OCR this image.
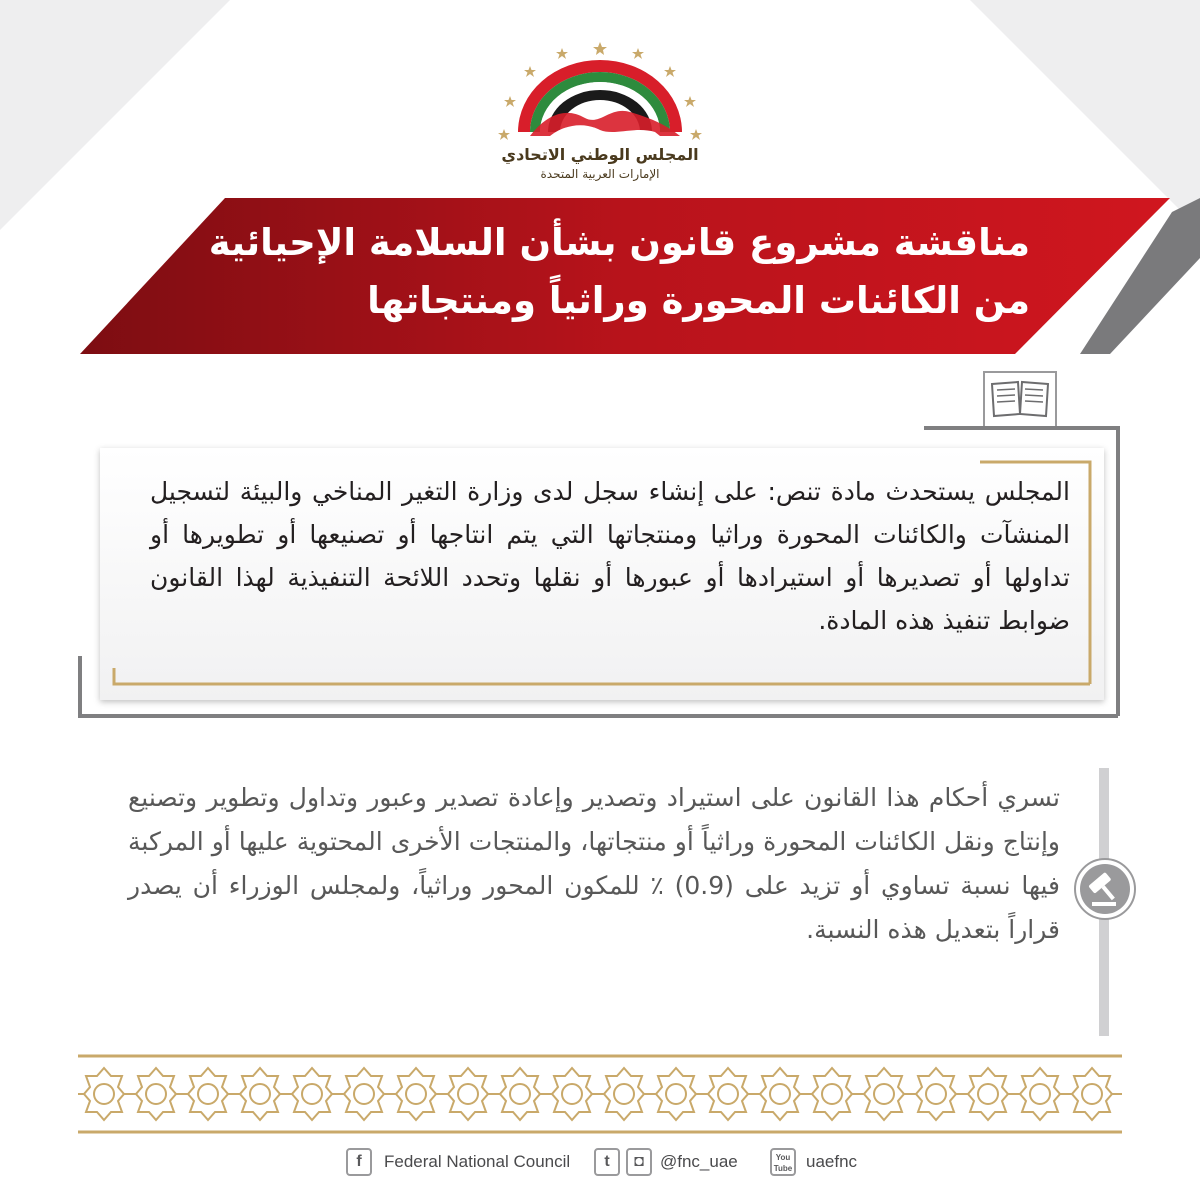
المجلس الوطني الاتحادي
الإمارات العربية المتحدة
مناقشة مشروع قانون بشأن السلامة الإحيائية
من الكائنات المحورة وراثياً ومنتجاتها
المجلس يستحدث مادة تنص: على إنشاء سجل لدى وزارة التغير المناخي والبيئة لتسجيل المنشآت والكائنات المحورة وراثيا ومنتجاتها التي يتم انتاجها أو تصنيعها أو تطويرها أو تداولها أو تصديرها أو استيرادها أو عبورها أو نقلها وتحدد اللائحة التنفيذية لهذا القانون ضوابط تنفيذ هذه المادة.
تسري أحكام هذا القانون على استيراد وتصدير وإعادة تصدير وعبور وتداول وتطوير وتصنيع وإنتاج ونقل الكائنات المحورة وراثياً أو منتجاتها، والمنتجات الأخرى المحتوية عليها أو المركبة فيها نسبة تساوي أو تزيد على (0.9) ٪ للمكون المحور وراثياً، ولمجلس الوزراء أن يصدر قراراً بتعديل هذه النسبة.
f	Federal National Council	t	◘ @fnc_uae	You
Tube uaefnc
